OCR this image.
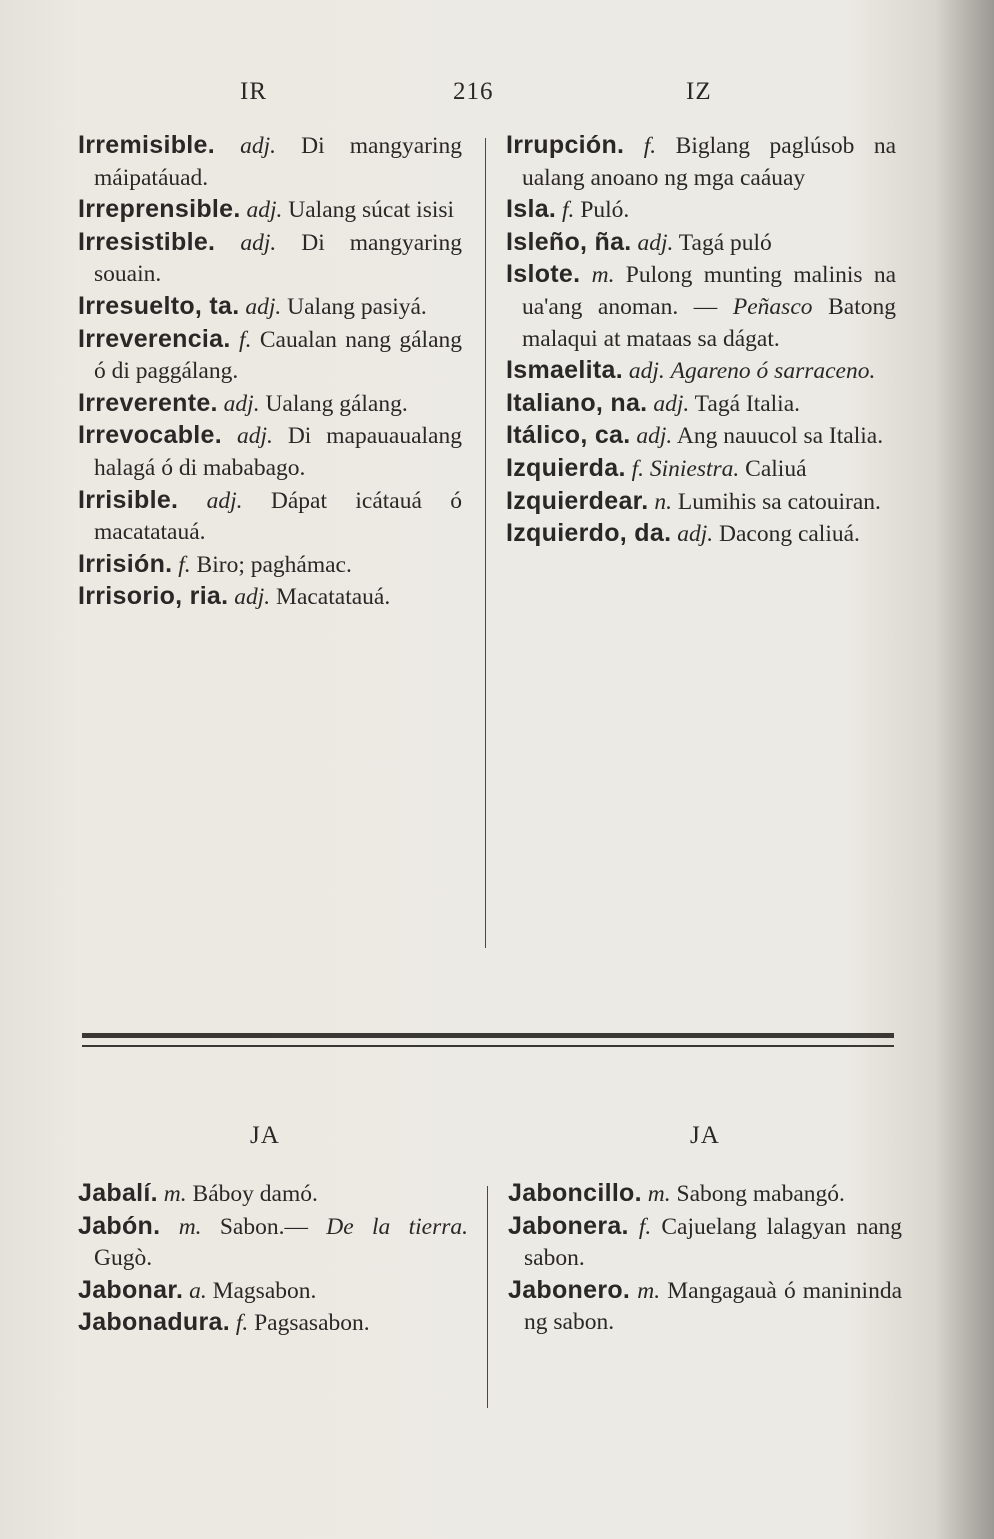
IR	216	IZ

Irremisible. adj. Di mangyaring máipatáuad.

Irreprensible. adj. Ualang súcat isisi

Irresistible. adj. Di mangyaring souain.

Irresuelto, ta. adj. Ualang pasiyá.

Irreverencia. f. Caualan nang gálang ó di paggálang.

Irreverente. adj. Ualang gálang.

Irrevocable. adj. Di mapauaualang halagá ó di mababago.

Irrisible. adj. Dápat icátauá ó macatatauá.

Irrisión. f. Biro; paghámac.

Irrisorio, ria. adj. Macatatauá.

Irrupción. f. Biglang paglúsob na ualang anoano ng mga caáuay

Isla. f. Puló.

Isleño, ña. adj. Tagá puló

Islote. m. Pulong munting malinis na ua'ang anoman. — Peñasco Batong malaqui at mataas sa dágat.

Ismaelita. adj. Agareno ó sarraceno.

Italiano, na. adj. Tagá Italia.

Itálico, ca. adj. Ang nauucol sa Italia.

Izquierda. f. Siniestra. Caliuá

Izquierdear. n. Lumihis sa catouiran.

Izquierdo, da. adj. Dacong caliuá.

JA	JA

Jabalí. m. Báboy damó.

Jabón. m. Sabon.— De la tierra. Gugò.

Jabonar. a. Magsabon.

Jabonadura. f. Pagsasabon.

Jaboncillo. m. Sabong mabangó.

Jabonera. f. Cajuelang lalagyan nang sabon.

Jabonero. m. Mangagauà ó manininda ng sabon.
